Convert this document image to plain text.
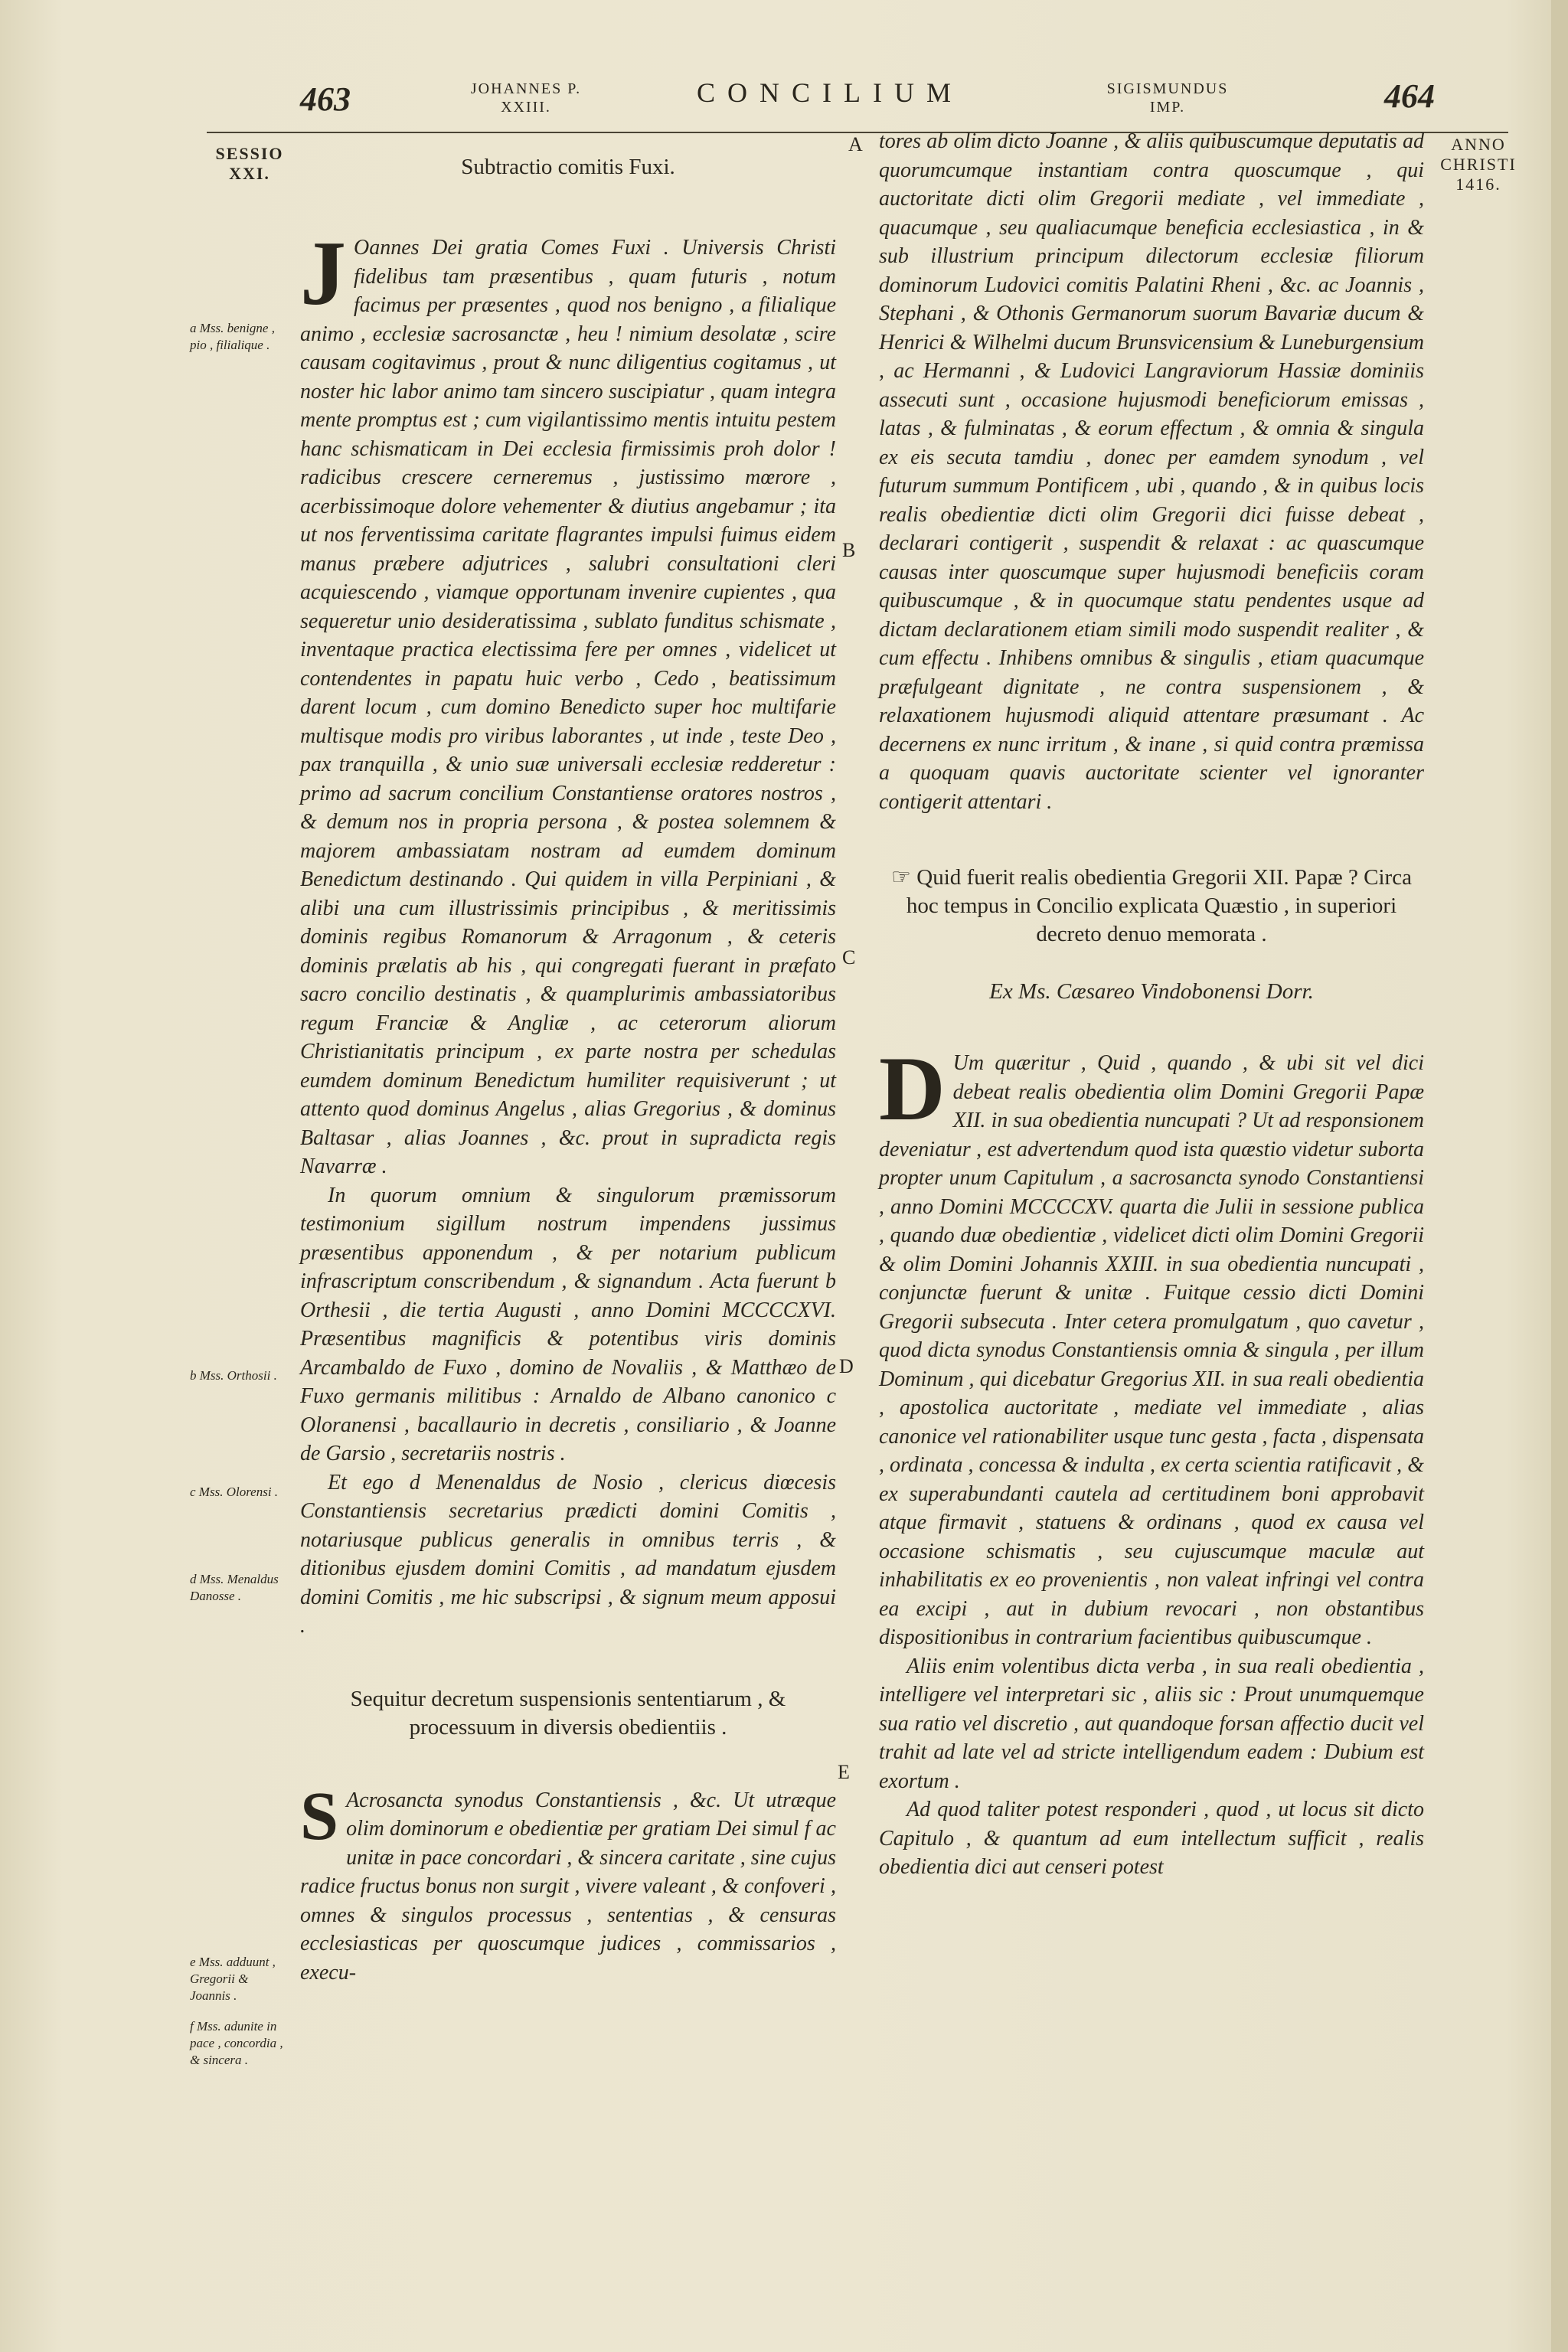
463	JOHANNES P. XXIII.	CONCILIUM	SIGISMUNDUS IMP.	464
SESSIO XXI.
ANNO CHRISTI 1416.
a Mss. benigne , pio , filialique .
b Mss. Orthosii .
c Mss. Olorensi .
d Mss. Menaldus Danosse .
e Mss. adduunt , Gregorii & Joannis .
f Mss. adunite in pace , concordia , & sincera .
A
B
C
D
E

Subtractio comitis Fuxi.

J Oannes Dei gratia Comes Fuxi . Universis Christi fidelibus tam præsentibus , quam futuris , notum facimus per præsentes , quod nos benigno , a filialique animo , ecclesiæ sacrosanctæ , heu ! nimium desolatæ , scire causam cogitavimus , prout & nunc diligentius cogitamus , ut noster hic labor animo tam sincero suscipiatur , quam integra mente promptus est ; cum vigilantissimo mentis intuitu pestem hanc schismaticam in Dei ecclesia firmissimis proh dolor ! radicibus crescere cerneremus , justissimo mœrore , acerbissimoque dolore vehementer & diutius angebamur ; ita ut nos ferventissima caritate flagrantes impulsi fuimus eidem manus præbere adjutrices , salubri consultationi cleri acquiescendo , viamque opportunam invenire cupientes , qua sequeretur unio desideratissima , sublato funditus schismate , inventaque practica electissima fere per omnes , videlicet ut contendentes in papatu huic verbo , Cedo , beatissimum darent locum , cum domino Benedicto super hoc multifarie multisque modis pro viribus laborantes , ut inde , teste Deo , pax tranquilla , & unio suæ universali ecclesiæ redderetur : primo ad sacrum concilium Constantiense oratores nostros , & demum nos in propria persona , & postea solemnem & majorem ambassiatam nostram ad eumdem dominum Benedictum destinando . Qui quidem in villa Perpiniani , & alibi una cum illustrissimis principibus , & meritissimis dominis regibus Romanorum & Arragonum , & ceteris dominis prælatis ab his , qui congregati fuerant in præfato sacro concilio destinatis , & quamplurimis ambassiatoribus regum Franciæ & Angliæ , ac ceterorum aliorum Christianitatis principum , ex parte nostra per schedulas eumdem dominum Benedictum humiliter requisiverunt ; ut attento quod dominus Angelus , alias Gregorius , & dominus Baltasar , alias Joannes , &c. prout in supradicta regis Navarræ .

In quorum omnium & singulorum præmissorum testimonium sigillum nostrum impendens jussimus præsentibus apponendum , & per notarium publicum infrascriptum conscribendum , & signandum . Acta fuerunt b Orthesii , die tertia Augusti , anno Domini MCCCCXVI. Præsentibus magnificis & potentibus viris dominis Arcambaldo de Fuxo , domino de Novaliis , & Matthæo de Fuxo germanis militibus : Arnaldo de Albano canonico c Oloranensi , bacallaurio in decretis , consiliario , & Joanne de Garsio , secretariis nostris .

Et ego d Menenaldus de Nosio , clericus diœcesis Constantiensis secretarius prædicti domini Comitis , notariusque publicus generalis in omnibus terris , & ditionibus ejusdem domini Comitis , ad mandatum ejusdem domini Comitis , me hic subscripsi , & signum meum apposui .

Sequitur decretum suspensionis sententiarum , & processuum in diversis obedientiis .

S Acrosancta synodus Constantiensis , &c. Ut utræque olim dominorum e obedientiæ per gratiam Dei simul f ac unitæ in pace concordari , & sincera caritate , sine cujus radice fructus bonus non surgit , vivere valeant , & confoveri , omnes & singulos processus , sententias , & censuras ecclesiasticas per quoscumque judices , commissarios , execu-

tores ab olim dicto Joanne , & aliis quibuscumque deputatis ad quorumcumque instantiam contra quoscumque , qui auctoritate dicti olim Gregorii mediate , vel immediate , quacumque , seu qualiacumque beneficia ecclesiastica , in & sub illustrium principum dilectorum ecclesiæ filiorum dominorum Ludovici comitis Palatini Rheni , &c. ac Joannis , Stephani , & Othonis Germanorum suorum Bavariæ ducum & Henrici & Wilhelmi ducum Brunsvicensium & Luneburgensium , ac Hermanni , & Ludovici Langraviorum Hassiæ dominiis assecuti sunt , occasione hujusmodi beneficiorum emissas , latas , & fulminatas , & eorum effectum , & omnia & singula ex eis secuta tamdiu , donec per eamdem synodum , vel futurum summum Pontificem , ubi , quando , & in quibus locis realis obedientiæ dicti olim Gregorii dici fuisse debeat , declarari contigerit , suspendit & relaxat : ac quascumque causas inter quoscumque super hujusmodi beneficiis coram quibuscumque , & in quocumque statu pendentes usque ad dictam declarationem etiam simili modo suspendit realiter , & cum effectu . Inhibens omnibus & singulis , etiam quacumque præfulgeant dignitate , ne contra suspensionem , & relaxationem hujusmodi aliquid attentare præsumant . Ac decernens ex nunc irritum , & inane , si quid contra præmissa a quoquam quavis auctoritate scienter vel ignoranter contigerit attentari .

☞ Quid fuerit realis obedientia Gregorii XII. Papæ ? Circa hoc tempus in Concilio explicata Quæstio , in superiori decreto denuo memorata .

Ex Ms. Cæsareo Vindobonensi Dorr.

D Um quæritur , Quid , quando , & ubi sit vel dici debeat realis obedientia olim Domini Gregorii Papæ XII. in sua obedientia nuncupati ? Ut ad responsionem deveniatur , est advertendum quod ista quæstio videtur suborta propter unum Capitulum , a sacrosancta synodo Constantiensi , anno Domini MCCCCXV. quarta die Julii in sessione publica , quando duæ obedientiæ , videlicet dicti olim Domini Gregorii & olim Domini Johannis XXIII. in sua obedientia nuncupati , conjunctæ fuerunt & unitæ . Fuitque cessio dicti Domini Gregorii subsecuta . Inter cetera promulgatum , quo cavetur , quod dicta synodus Constantiensis omnia & singula , per illum Dominum , qui dicebatur Gregorius XII. in sua reali obedientia , apostolica auctoritate , mediate vel immediate , alias canonice vel rationabiliter usque tunc gesta , facta , dispensata , ordinata , concessa & indulta , ex certa scientia ratificavit , & ex superabundanti cautela ad certitudinem boni approbavit atque firmavit , statuens & ordinans , quod ex causa vel occasione schismatis , seu cujuscumque maculæ aut inhabilitatis ex eo provenientis , non valeat infringi vel contra ea excipi , aut in dubium revocari , non obstantibus dispositionibus in contrarium facientibus quibuscumque .

Aliis enim volentibus dicta verba , in sua reali obedientia , intelligere vel interpretari sic , aliis sic : Prout unumquemque sua ratio vel discretio , aut quandoque forsan affectio ducit vel trahit ad late vel ad stricte intelligendum eadem : Dubium est exortum .

Ad quod taliter potest responderi , quod , ut locus sit dicto Capitulo , & quantum ad eum intellectum sufficit , realis obedientia dici aut censeri potest
